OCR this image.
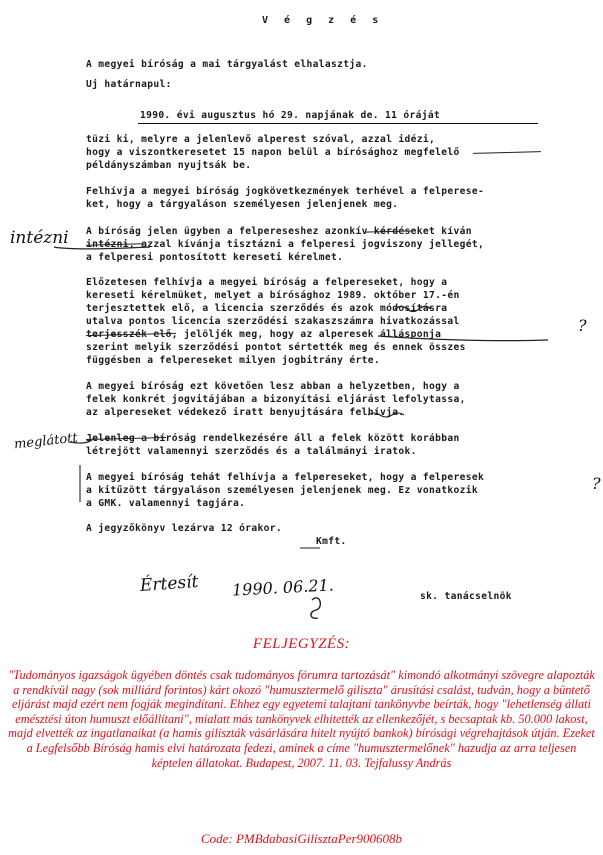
V é g z é s
A megyei bíróság a mai tárgyalást elhalasztja.
Uj határnapul:
1990. évi augusztus hó 29. napjának de. 11 óráját
tüzi ki, melyre a jelenlevő alperest szóval, azzal idézi,
hogy a viszontkeresetet 15 napon belül a bírósághoz megfelelő
példányszámban nyujtsák be.
Felhívja a megyei bíróság jogkövetkezmények terhével a felperese-
ket, hogy a tárgyaláson személyesen jelenjenek meg.
A bíróság jelen ügyben a felpereseshez azonkív kérdéseket kíván
intézni, azzal kívánja tisztázni a felperesi jogviszony jellegét,
a felperesi pontosított kereseti kérelmet.
Előzetesen felhívja a megyei bíróság a felpereseket, hogy a
kereseti kérelmüket, melyet a bírósághoz 1989. október 17.-én
terjesztettek elő, a licencia szerződés és azok módosításra
utalva pontos licencia szerződési szakaszszámra hivatkozással
terjesszék elő, jelöljék meg, hogy az alperesek állásponja
szerint melyik szerződési pontot sértették meg és ennek összes
függésben a felpereseket milyen jogbitrány érte.
A megyei bíróság ezt követően lesz abban a helyzetben, hogy a
felek konkrét jogvitájában a bizonyítási eljárást lefolytassa,
az alpereseket védekező iratt benyujtására felhívja.
Jelenleg a bíróság rendelkezésére áll a felek között korábban
létrejött valamennyi szerződés és a találmányi iratok.
A megyei bíróság tehát felhívja a felpereseket, hogy a felperesek
a kitűzött tárgyaláson személyesen jelenjenek meg. Ez vonatkozik
a GMK. valamennyi tagjára.
A jegyzőkönyv lezárva 12 órakor.
Kmft.
sk. tanácselnök
intézni
meglátott
?
?
Értesít 1990. 06.21.
FELJEGYZÉS:
"Tudományos igazságok ügyében döntés csak tudományos fórumra tartozását" kimondó alkotmányi szövegre alapozták a rendkívül nagy (sok milliárd forintos) kárt okozó "humusztermelő giliszta" árusítási csalást, tudván, hogy a büntető eljárást majd ezért nem fogják megindítani. Ehhez egy egyetemi talajtani tankönyvbe beírták, hogy "lehetlenség állati emésztési úton humuszt előállítani", mialatt más tankönyvek elhitették az ellenkezőjét, s becsaptak kb. 50.000 lakost, majd elvették az ingatlanaikat (a hamis giliszták vásárlására hitelt nyújtó bankok) bírósági végrehajtások útján. Ezeket a Legfelsőbb Bíróság hamis elvi határozata fedezi, aminek a címe "humusztermelőnek" hazudja az arra teljesen képtelen állatokat. Budapest, 2007. 11. 03. Tejfalussy András
Code: PMBdabasiGilisztaPer900608b
